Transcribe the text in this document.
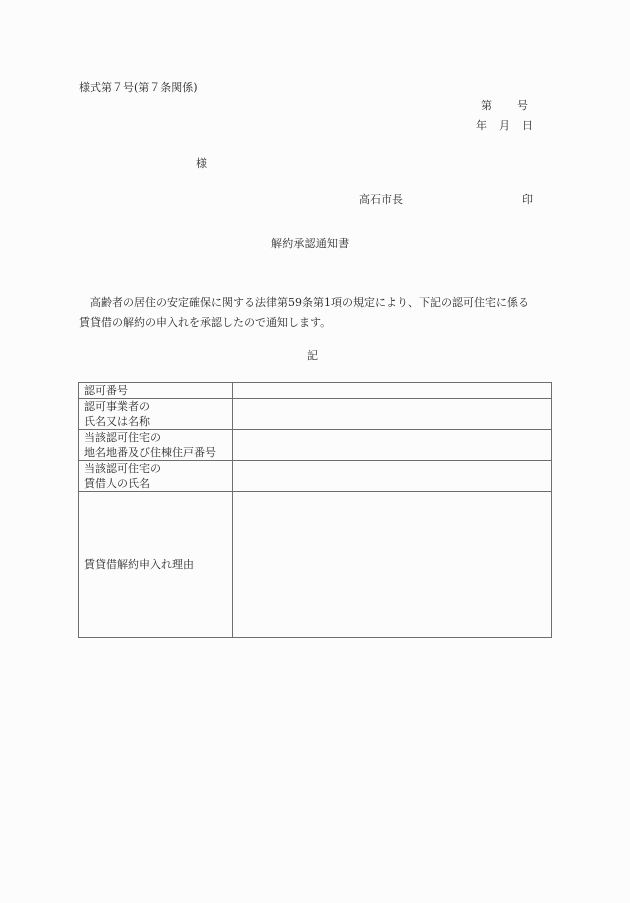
様式第７号(第７条関係)
第 号
年 月 日
様
高石市長	印
解約承認通知書
　高齢者の居住の安定確保に関する法律第59条第1項の規定により、下記の認可住宅に係る
賃貸借の解約の申入れを承認したので通知します。
記
認可番号	
認可事業者の
氏名又は名称	
当該認可住宅の
地名地番及び住棟住戸番号	
当該認可住宅の
賃借人の氏名	
賃貸借解約申入れ理由	
